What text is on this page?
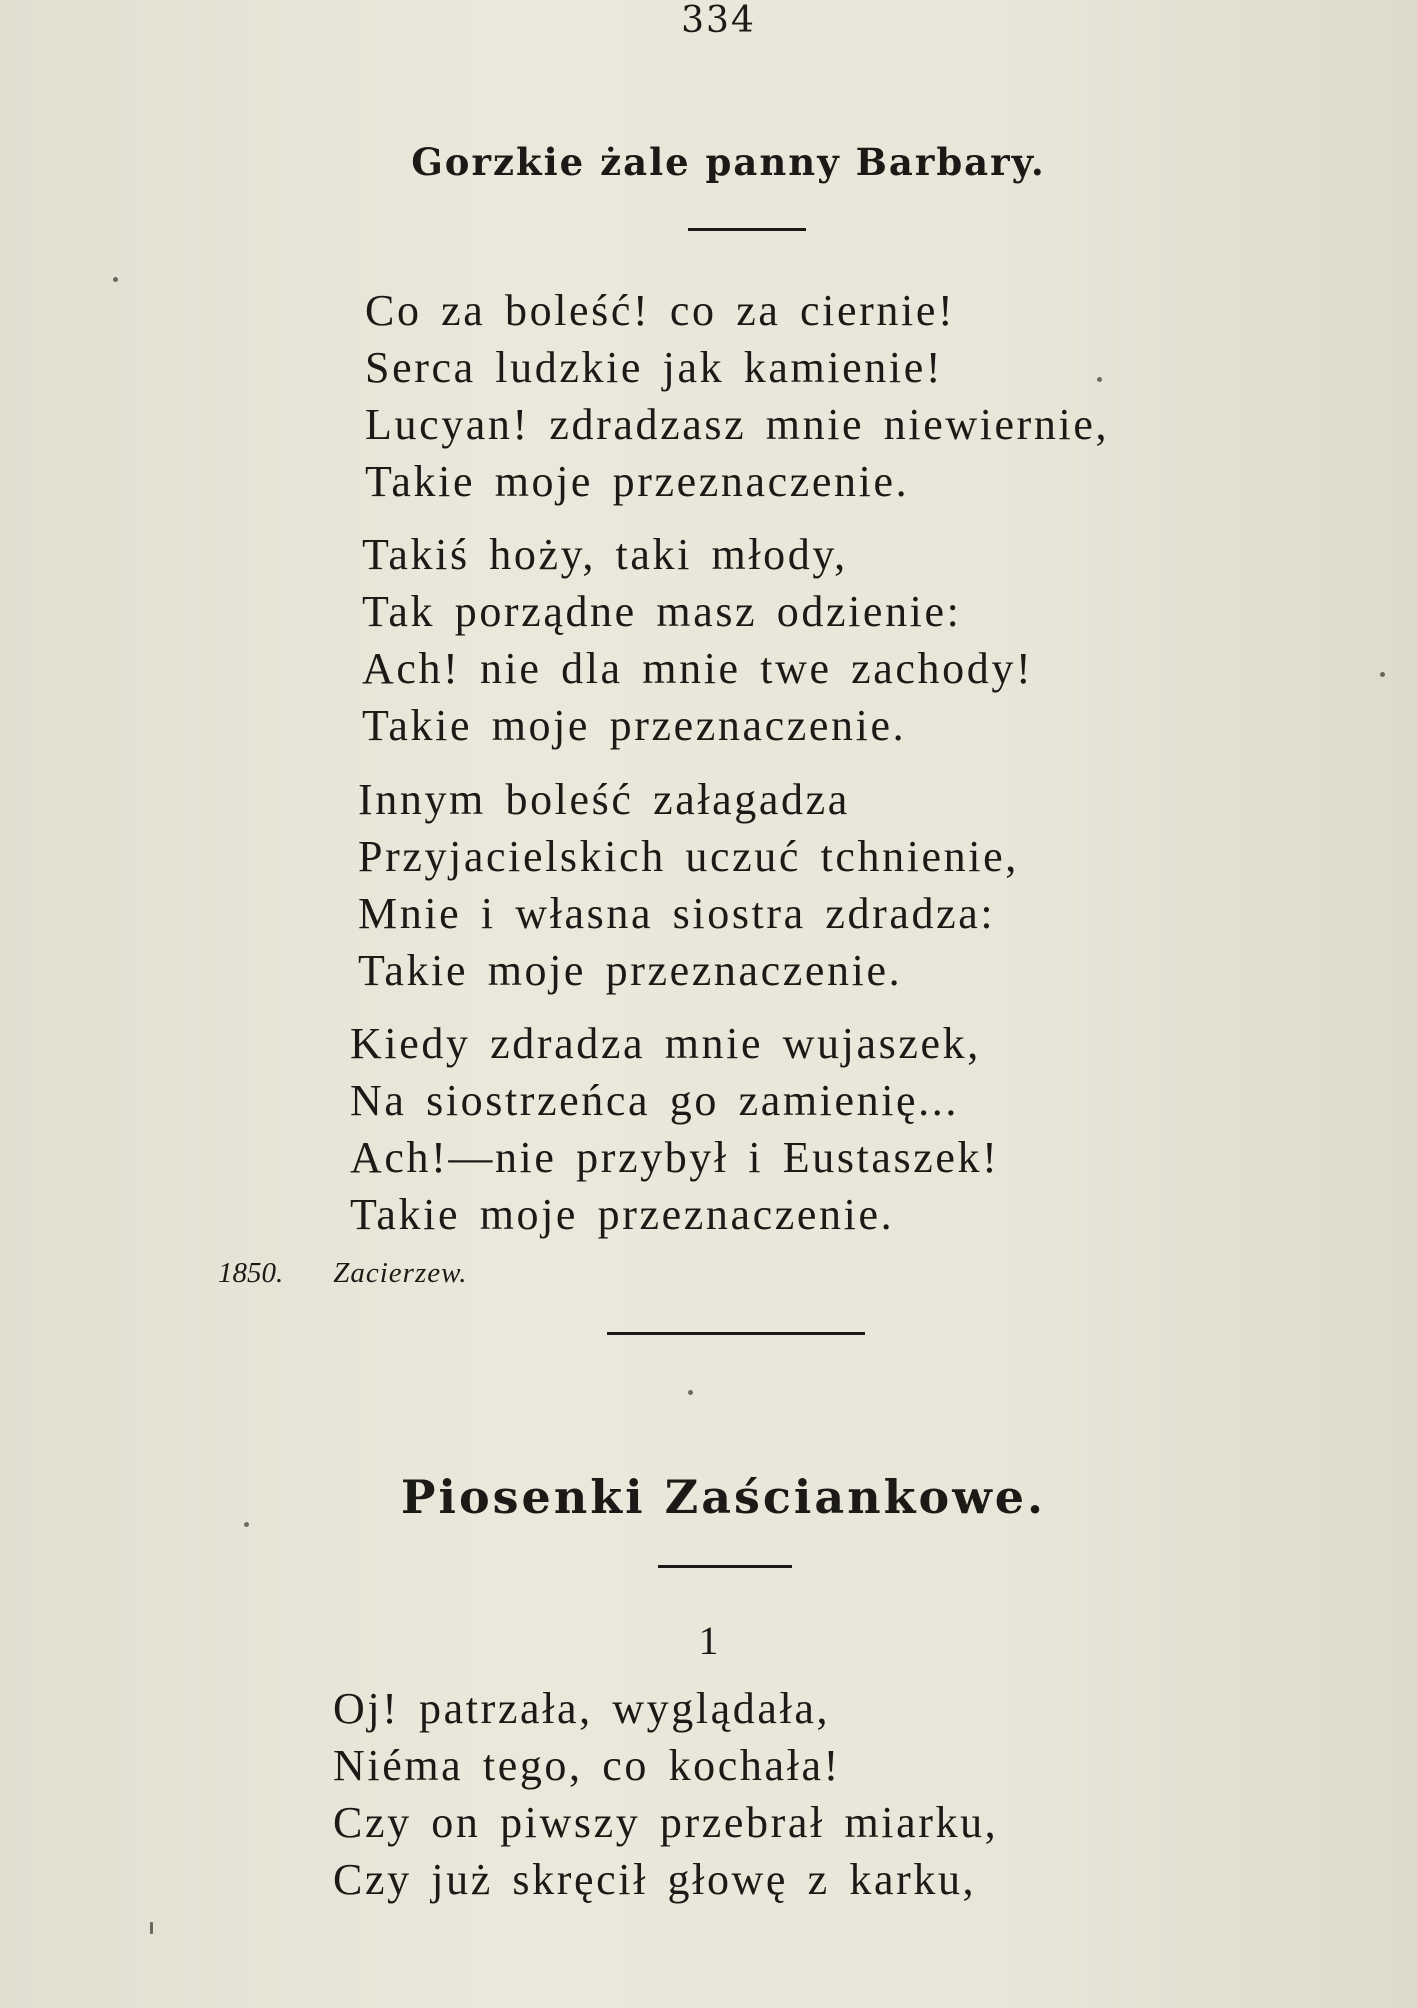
334
Gorzkie żale panny Barbary.
Co za boleść! co za ciernie!
Serca ludzkie jak kamienie!
Lucyan! zdradzasz mnie niewiernie,
Takie moje przeznaczenie.
Takiś hoży, taki młody,
Tak porządne masz odzienie:
Ach! nie dla mnie twe zachody!
Takie moje przeznaczenie.
Innym boleść załagadza
Przyjacielskich uczuć tchnienie,
Mnie i własna siostra zdradza:
Takie moje przeznaczenie.
Kiedy zdradza mnie wujaszek,
Na siostrzeńca go zamienię...
Ach!—nie przybył i Eustaszek!
Takie moje przeznaczenie.
1850. Zacierzew.
Piosenki Zaściankowe.
1
Oj! patrzała, wyglądała,
Niéma tego, co kochała!
Czy on piwszy przebrał miarku,
Czy już skręcił głowę z karku,
